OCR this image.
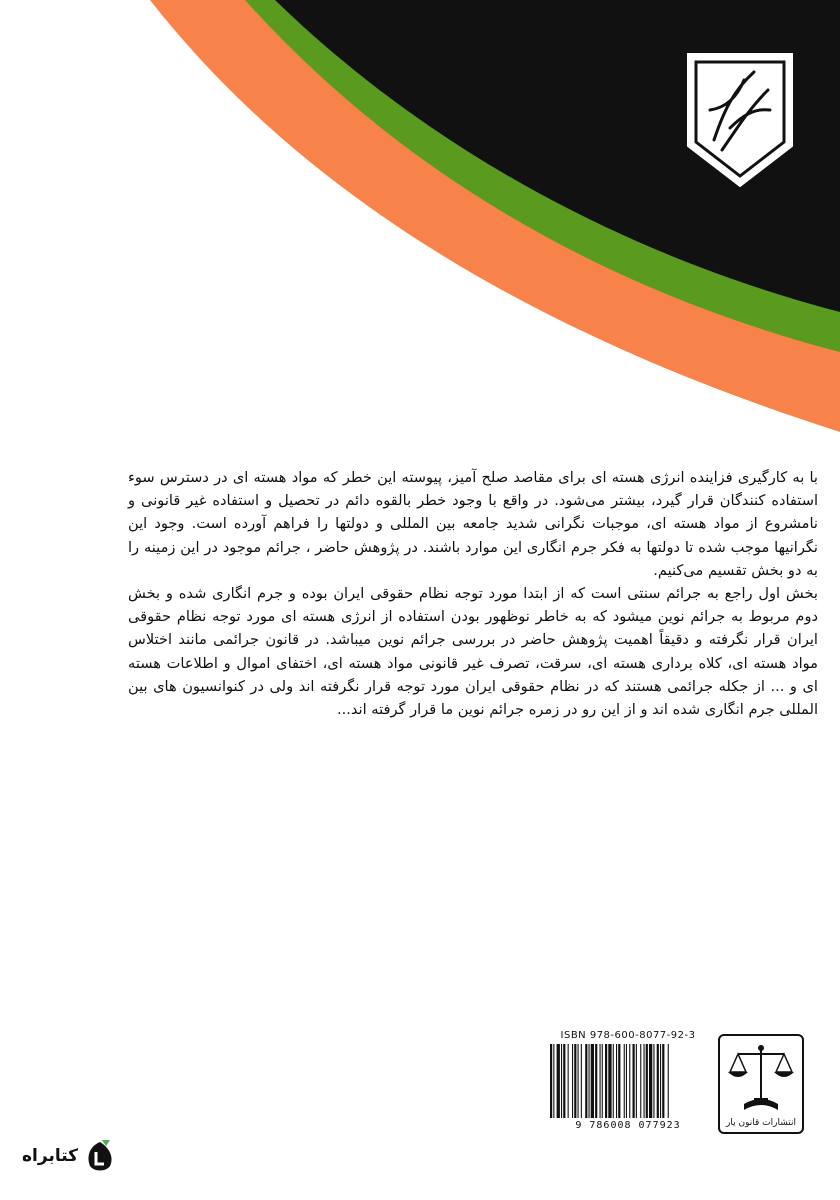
با به کارگیری فزاینده انرژی هسته ای برای مقاصد صلح آمیز، پیوسته این خطر که مواد هسته ای در دسترس سوء استفاده کنندگان قرار گیرد، بیشتر می‌شود. در واقع با وجود خطر بالقوه دائم در تحصیل و استفاده غیر قانونی و نامشروع از مواد هسته ای، موجبات نگرانی شدید جامعه بین المللی و دولتها را فراهم آورده است. وجود این نگرانیها موجب شده تا دولتها به فکر جرم انگاری این موارد باشند. در پژوهش حاضر ، جرائم موجود در این زمینه را به دو بخش تقسیم می‌کنیم.

بخش اول راجع به جرائم سنتی است که از ابتدا مورد توجه نظام حقوقی ایران بوده و جرم انگاری شده و بخش دوم مربوط به جرائم نوین میشود که به خاطر نوظهور بودن استفاده از انرژی هسته ای مورد توجه نظام حقوقی ایران قرار نگرفته و دقیقاً اهمیت پژوهش حاضر در بررسی جرائم نوین میباشد. در قانون جرائمی مانند اختلاس مواد هسته ای، کلاه برداری هسته ای، سرقت، تصرف غیر قانونی مواد هسته ای، اختفای اموال و اطلاعات هسته ای و ... از جکله جرائمی هستند که در نظام حقوقی ایران مورد توجه قرار نگرفته اند ولی در کنوانسیون های بین المللی جرم انگاری شده اند و از این رو در زمره جرائم نوین ما قرار گرفته اند...

ISBN 978-600-8077-92-3
9 786008 077923	انتشارات قانون یار
کتابراه
